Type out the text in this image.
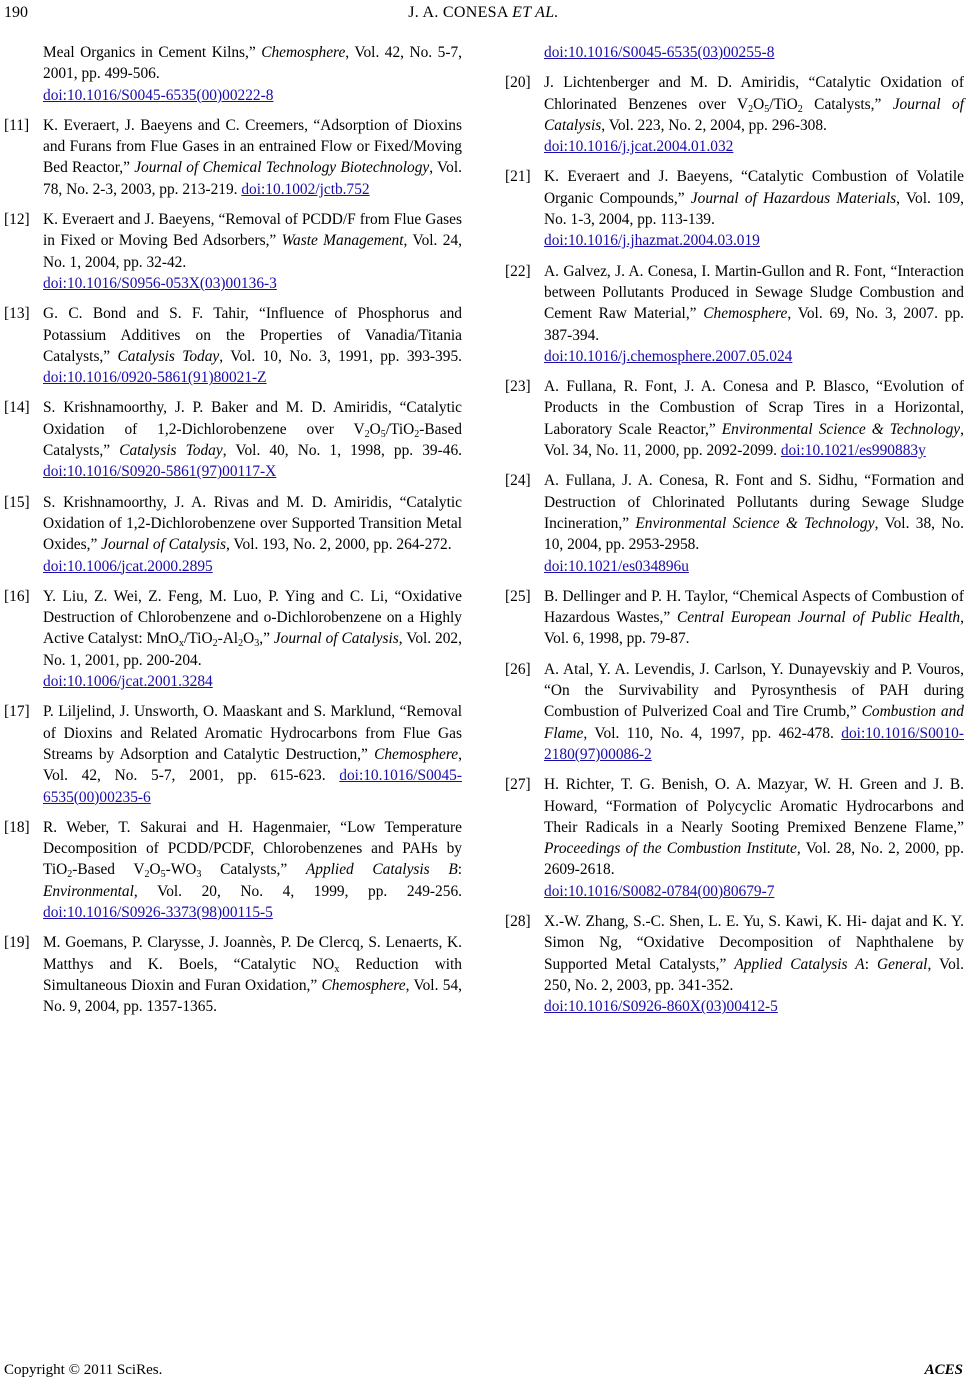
190	J. A. CONESA ET AL.
Meal Organics in Cement Kilns,” Chemosphere, Vol. 42, No. 5-7, 2001, pp. 499-506.
doi:10.1016/S0045-6535(00)00222-8
[11] K. Everaert, J. Baeyens and C. Creemers, “Adsorption of Dioxins and Furans from Flue Gases in an entrained Flow or Fixed/Moving Bed Reactor,” Journal of Chemical Technology Biotechnology, Vol. 78, No. 2-3, 2003, pp. 213-219. doi:10.1002/jctb.752
[12] K. Everaert and J. Baeyens, “Removal of PCDD/F from Flue Gases in Fixed or Moving Bed Adsorbers,” Waste Management, Vol. 24, No. 1, 2004, pp. 32-42.
doi:10.1016/S0956-053X(03)00136-3
[13] G. C. Bond and S. F. Tahir, “Influence of Phosphorus and Potassium Additives on the Properties of Vanadia/Titania Catalysts,” Catalysis Today, Vol. 10, No. 3, 1991, pp. 393-395. doi:10.1016/0920-5861(91)80021-Z
[14] S. Krishnamoorthy, J. P. Baker and M. D. Amiridis, “Catalytic Oxidation of 1,2-Dichlorobenzene over $V_2O_5/TiO_2$-Based Catalysts,” Catalysis Today, Vol. 40, No. 1, 1998, pp. 39-46. doi:10.1016/S0920-5861(97)00117-X
[15] S. Krishnamoorthy, J. A. Rivas and M. D. Amiridis, “Catalytic Oxidation of 1,2-Dichlorobenzene over Supported Transition Metal Oxides,” Journal of Catalysis, Vol. 193, No. 2, 2000, pp. 264-272.
doi:10.1006/jcat.2000.2895
[16] Y. Liu, Z. Wei, Z. Feng, M. Luo, P. Ying and C. Li, “Oxidative Destruction of Chlorobenzene and o-Dichlorobenzene on a Highly Active Catalyst: $MnO_x/TiO_2-Al_2O_3$,” Journal of Catalysis, Vol. 202, No. 1, 2001, pp. 200-204.
doi:10.1006/jcat.2001.3284
[17] P. Liljelind, J. Unsworth, O. Maaskant and S. Marklund, “Removal of Dioxins and Related Aromatic Hydrocarbons from Flue Gas Streams by Adsorption and Catalytic Destruction,” Chemosphere, Vol. 42, No. 5-7, 2001, pp. 615-623. doi:10.1016/S0045-6535(00)00235-6
[18] R. Weber, T. Sakurai and H. Hagenmaier, “Low Temperature Decomposition of PCDD/PCDF, Chlorobenzenes and PAHs by TiO$_2$-Based $V_2O_5-WO_3$ Catalysts,” Applied Catalysis B: Environmental, Vol. 20, No. 4, 1999, pp. 249-256. doi:10.1016/S0926-3373(98)00115-5
[19] M. Goemans, P. Clarysse, J. Joannès, P. De Clercq, S. Lenaerts, K. Matthys and K. Boels, “Catalytic $NO_x$ Reduction with Simultaneous Dioxin and Furan Oxidation,” Chemosphere, Vol. 54, No. 9, 2004, pp. 1357-1365.
doi:10.1016/S0045-6535(03)00255-8
[20] J. Lichtenberger and M. D. Amiridis, “Catalytic Oxidation of Chlorinated Benzenes over $V_2O_5/TiO_2$ Catalysts,” Journal of Catalysis, Vol. 223, No. 2, 2004, pp. 296-308.
doi:10.1016/j.jcat.2004.01.032
[21] K. Everaert and J. Baeyens, “Catalytic Combustion of Volatile Organic Compounds,” Journal of Hazardous Materials, Vol. 109, No. 1-3, 2004, pp. 113-139.
doi:10.1016/j.jhazmat.2004.03.019
[22] A. Galvez, J. A. Conesa, I. Martin-Gullon and R. Font, “Interaction between Pollutants Produced in Sewage Sludge Combustion and Cement Raw Material,” Chemosphere, Vol. 69, No. 3, 2007. pp. 387-394.
doi:10.1016/j.chemosphere.2007.05.024
[23] A. Fullana, R. Font, J. A. Conesa and P. Blasco, “Evolution of Products in the Combustion of Scrap Tires in a Horizontal, Laboratory Scale Reactor,” Environmental Science & Technology, Vol. 34, No. 11, 2000, pp. 2092-2099. doi:10.1021/es990883y
[24] A. Fullana, J. A. Conesa, R. Font and S. Sidhu, “Formation and Destruction of Chlorinated Pollutants during Sewage Sludge Incineration,” Environmental Science & Technology, Vol. 38, No. 10, 2004, pp. 2953-2958.
doi:10.1021/es034896u
[25] B. Dellinger and P. H. Taylor, “Chemical Aspects of Combustion of Hazardous Wastes,” Central European Journal of Public Health, Vol. 6, 1998, pp. 79-87.
[26] A. Atal, Y. A. Levendis, J. Carlson, Y. Dunayevskiy and P. Vouros, “On the Survivability and Pyrosynthesis of PAH during Combustion of Pulverized Coal and Tire Crumb,” Combustion and Flame, Vol. 110, No. 4, 1997, pp. 462-478. doi:10.1016/S0010-2180(97)00086-2
[27] H. Richter, T. G. Benish, O. A. Mazyar, W. H. Green and J. B. Howard, “Formation of Polycyclic Aromatic Hydrocarbons and Their Radicals in a Nearly Sooting Premixed Benzene Flame,” Proceedings of the Combustion Institute, Vol. 28, No. 2, 2000, pp. 2609-2618.
doi:10.1016/S0082-0784(00)80679-7
[28] X.-W. Zhang, S.-C. Shen, L. E. Yu, S. Kawi, K. Hi- dajat and K. Y. Simon Ng, “Oxidative Decomposition of Naphthalene by Supported Metal Catalysts,” Applied Catalysis A: General, Vol. 250, No. 2, 2003, pp. 341-352.
doi:10.1016/S0926-860X(03)00412-5
Copyright © 2011 SciRes.	ACES
